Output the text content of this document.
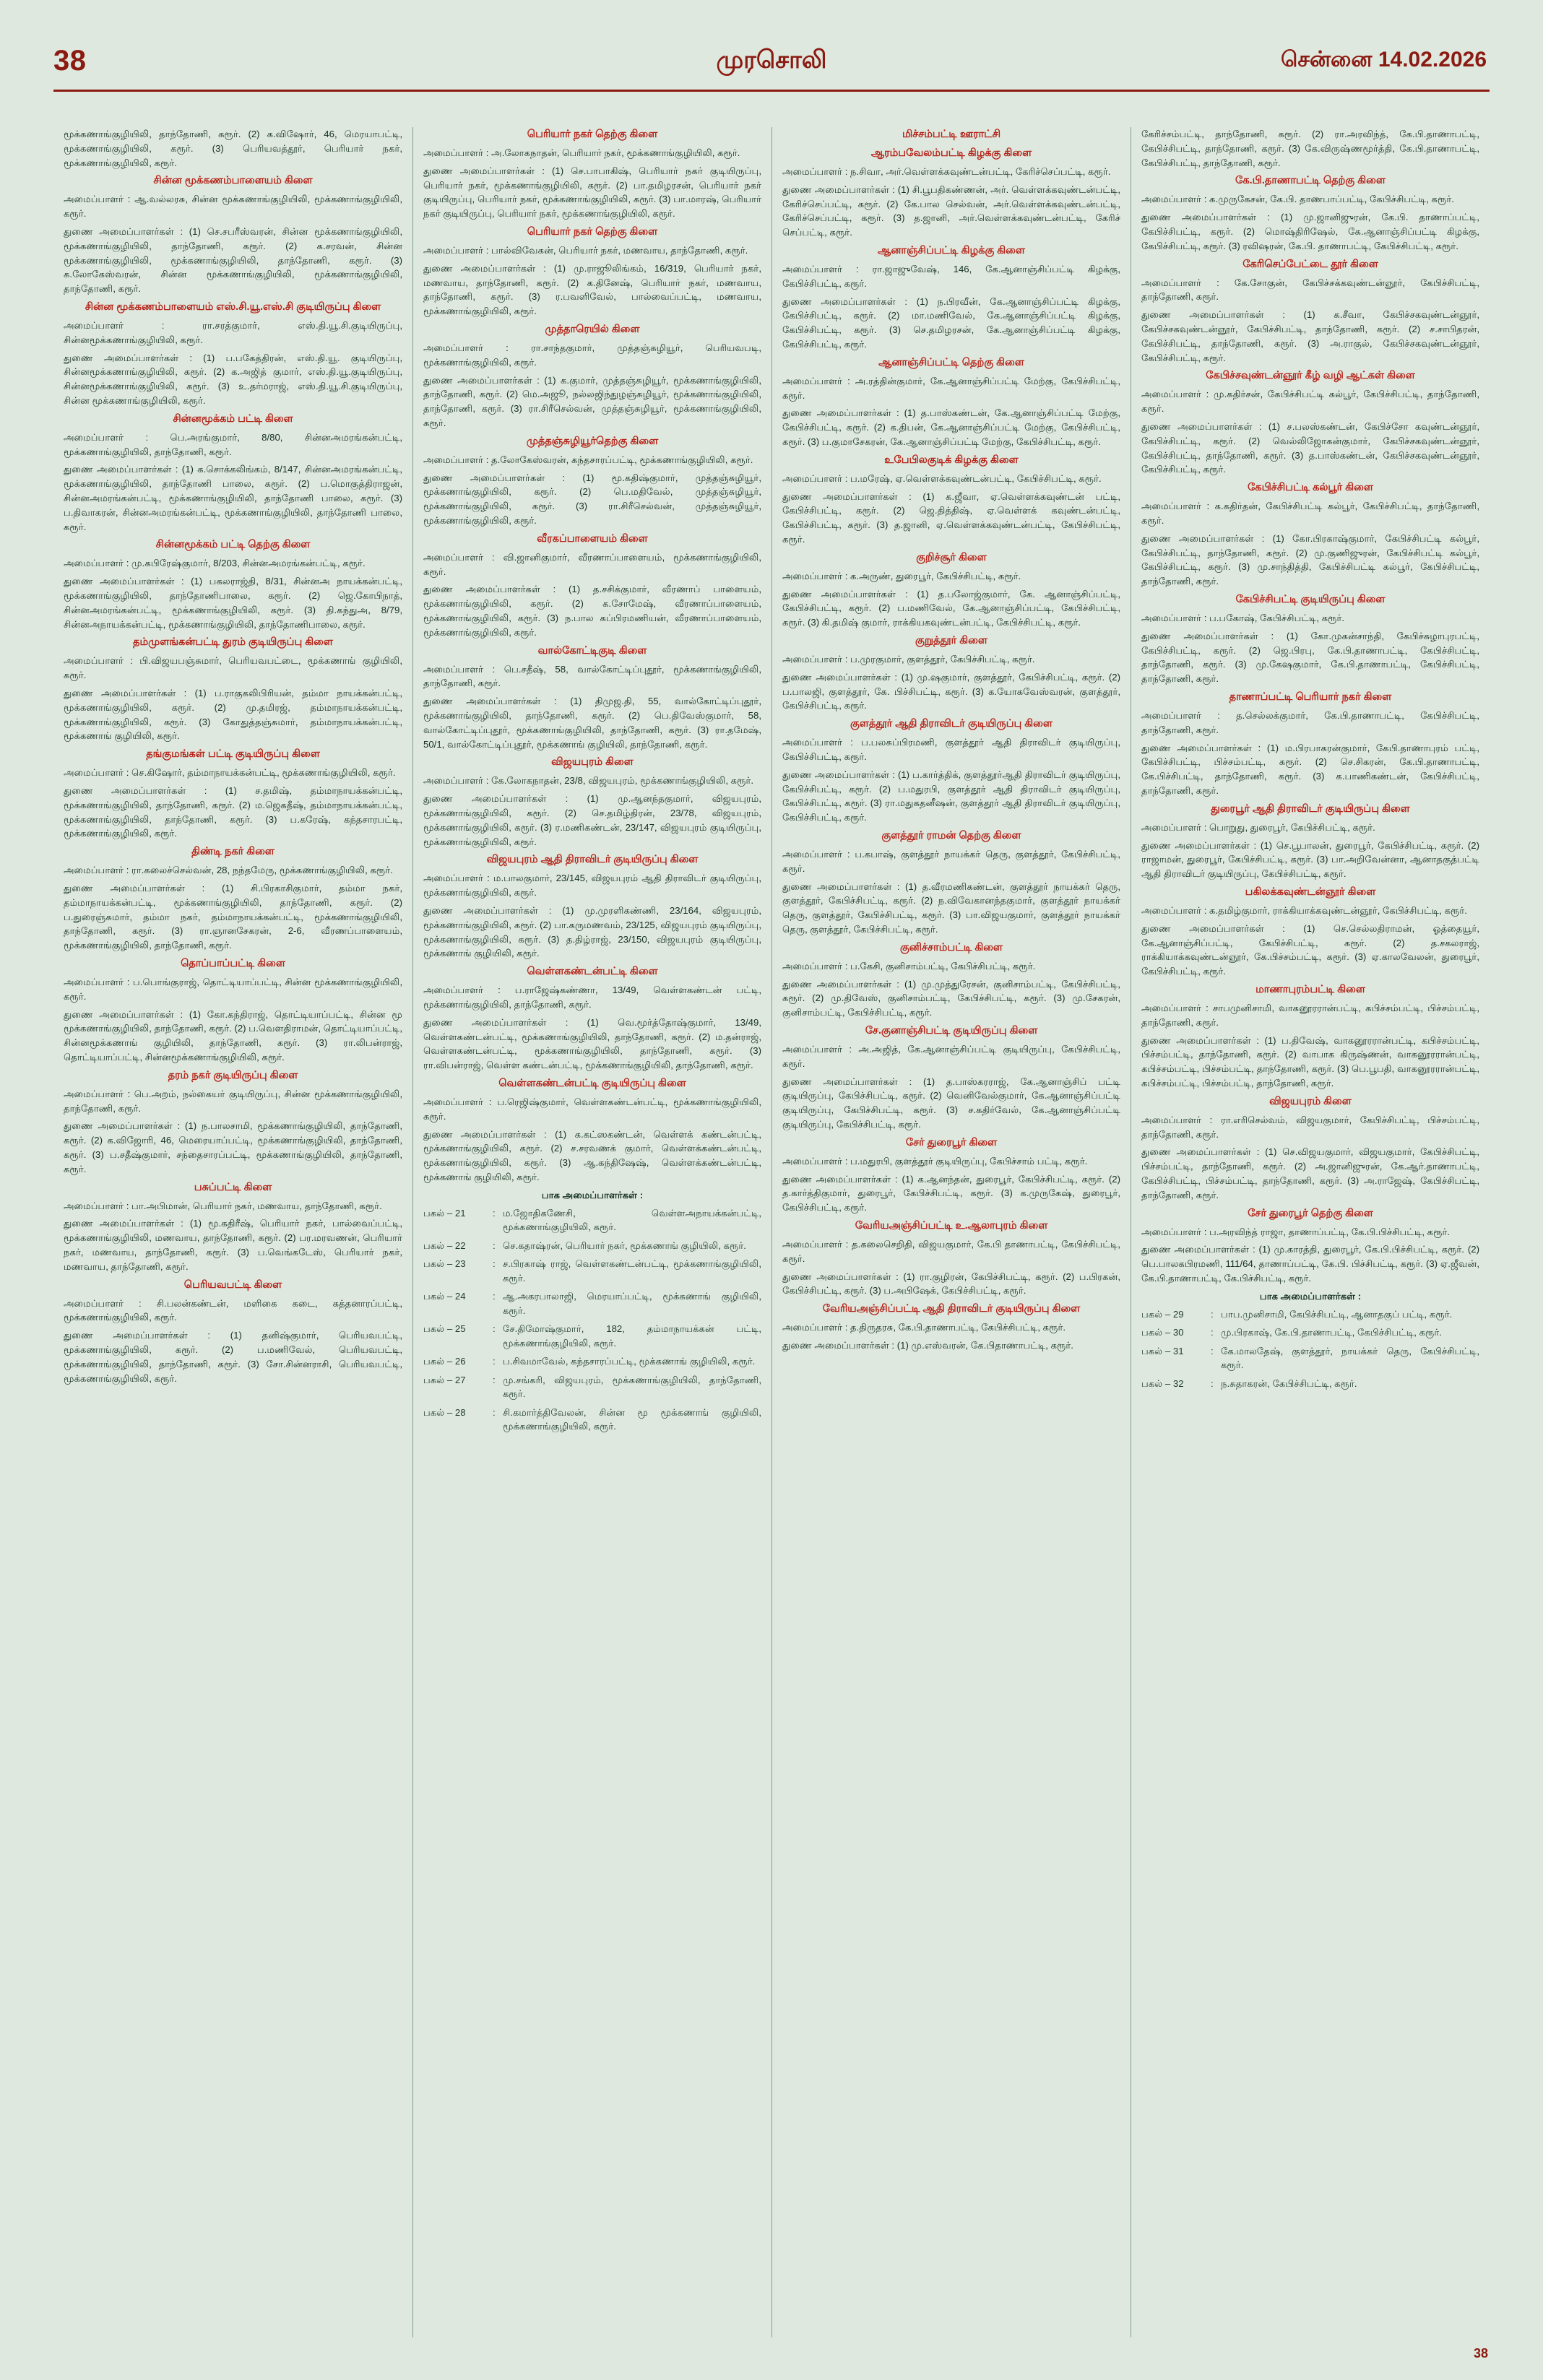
38	முரசொலி	சென்னை 14.02.2026
மூக்கணாங்குழியிலி, தாந்தோணி, கரூர். (2) க.விஷோர், 46, மெரயாபட்டி, மூக்கணாங்குழியிலி, கரூர். (3) பெரியவத்தூர், பெரியார் நகர், மூக்கணாங்குழியிலி, கரூர்.
சின்ன மூக்கணம்பாளையம் கிளை
அமைப்பாளர் : ஆ.வல்லரசு, சின்ன மூக்கணாங்குழியிலி, மூக்கணாங்குழியிலி, கரூர்.
துணை அமைப்பாளர்கள் : (1) செ.சபரீஸ்வரன், சின்ன மூக்கணாங்குழியிலி, மூக்கணாங்குழியிலி, தாந்தோணி, கரூர். (2) க.சரவன், சின்ன மூக்கணாங்குழியிலி, மூக்கணாங்குழியிலி, தாந்தோணி, கரூர். (3) க.லோகேஸ்வரன், சின்ன மூக்கணாங்குழியிலி, மூக்கணாங்குழியிலி, தாந்தோணி, கரூர்.
சின்ன மூக்கணம்பாளையம் எஸ்.சி.யூ.எஸ்.சி குடியிருப்பு கிளை
அமைப்பாளர் : ரா.சரத்குமார், எஸ்.தி.யூ.சி.குடியிருப்பு, சின்னமூக்கணாங்குழியிலி, கரூர்.
துணை அமைப்பாளர்கள் : (1) ப.பகேத்திரன், எஸ்.தி.யூ. குடியிருப்பு, சின்னமூக்கணாங்குழியிலி, கரூர். (2) க.அஜித் குமார், எஸ்.தி.யூ.குடியிருப்பு, சின்னமூக்கணாங்குழியிலி, கரூர். (3) உ.தர்மராஜ், எஸ்.தி.யூ.சி.குடியிருப்பு, சின்ன மூக்கணாங்குழியிலி, கரூர்.
சின்னமூக்கம் பட்டி கிளை
அமைப்பாளர் : பெ.அரங்குமார், 8/80, சின்னஅமரங்கன்பட்டி, மூக்கணாங்குழியிலி, தாந்தோணி, கரூர்.
துணை அமைப்பாளர்கள் : (1) க.சொக்கலிங்கம், 8/147, சின்னஅமரங்கன்பட்டி, மூக்கணாங்குழியிலி, தாந்தோணி பாலை, கரூர். (2) ப.மொகுத்திராஜன், சின்னஅமரங்கன்பட்டி, மூக்கணாங்குழியிலி, தாந்தோணி பாலை, கரூர். (3) ப.திவாகரன், சின்னஅமரங்கன்பட்டி, மூக்கணாங்குழியிலி, தாந்தோணி பாலை, கரூர்.
சின்னமூக்கம் பட்டி தெற்கு கிளை
அமைப்பாளர் : மு.கபிரேஷ்குமார், 8/203, சின்னஅமரங்கன்பட்டி, கரூர்.
துணை அமைப்பாளர்கள் : (1) பகலராஜ்தி, 8/31, சின்னஅ நாயக்கன்பட்டி, மூக்கணாங்குழியிலி, தாந்தோணிபாலை, கரூர். (2) ஜெ.கோபிநாத், சின்னஅமரங்கன்பட்டி, மூக்கணாங்குழியிலி, கரூர். (3) தி.கந்துஅ, 8/79, சின்னஅநாயக்கன்பட்டி, மூக்கணாங்குழியிலி, தாந்தோணிபாலை, கரூர்.
தம்முளங்கன்பட்டி துரம் குடியிருப்பு கிளை
அமைப்பாளர் : பி.விஜயபஞ்சுமார், பெரியவபட்டை, மூக்கணாங் குழியிலி, கரூர்.
துணை அமைப்பாளர்கள் : (1) ப.ராகுகலிபிரியன், தம்மா நாயக்கன்பட்டி, மூக்கணாங்குழியிலி, கரூர். (2) மு.தமிரஜ், தம்மாநாயக்கன்பட்டி, மூக்கணாங்குழியிலி, கரூர். (3) கோதுத்தஞ்சுமார், தம்மாநாயக்கன்பட்டி, மூக்கணாங் குழியிலி, கரூர்.
தங்குமங்கள் பட்டி குடியிருப்பு கிளை
அமைப்பாளர் : செ.கிஷோர், தம்மாநாயக்கன்பட்டி, மூக்கணாங்குழியிலி, கரூர்.
துணை அமைப்பாளர்கள் : (1) ச.தமிஷ், தம்மாநாயக்கன்பட்டி, மூக்கணாங்குழியிலி, தாந்தோணி, கரூர். (2) ம.ஜெகதீஷ், தம்மாநாயக்கன்பட்டி, மூக்கணாங்குழியிலி, தாந்தோணி, கரூர். (3) ப.கரேஷ், கந்தசாரபட்டி, மூக்கணாங்குழியிலி, கரூர்.
திண்டி நகர் கிளை
அமைப்பாளர் : ரா.கலைச்செல்வன், 28, நந்தமேரு, மூக்கணாங்குழியிலி, கரூர்.
துணை அமைப்பாளர்கள் : (1) சி.பிரகாசிகுமார், தம்மா நகர், தம்மாநாயக்கன்பட்டி, மூக்கணாங்குழியிலி, தாந்தோணி, கரூர். (2) ப.துரைஞ்சுமார், தம்மா நகர், தம்மாநாயக்கன்பட்டி, மூக்கணாங்குழியிலி, தாந்தோணி, கரூர். (3) ரா.ஞானசேகரன், 2-6, வீரணப்பாளையம், மூக்கணாங்குழியிலி, தாந்தோணி, கரூர்.
தொப்பாப்பட்டி கிளை
அமைப்பாளர் : ப.பொங்குராஜ், தொட்டியாப்பட்டி, சின்ன மூக்கணாங்குழியிலி, கரூர்.
துணை அமைப்பாளர்கள் : (1) கோ.கந்திராஜ், தொட்டியாப்பட்டி, சின்ன மூ மூக்கணாங்குழியிலி, தாந்தோணி, கரூர். (2) ப.வெளதிராமன், தொட்டியாப்பட்டி, சின்னமூக்கணாங் குழியிலி, தாந்தோணி, கரூர். (3) ரா.லிபன்ராஜ், தொட்டியாப்பட்டி, சின்னமூக்கணாங்குழியிலி, கரூர்.
தரம் நகர் குடியிருப்பு கிளை
அமைப்பாளர் : பெ.அறம், நல்கையர் குடியிருப்பு, சின்ன மூக்கணாங்குழியிலி, தாந்தோணி, கரூர்.
துணை அமைப்பாளர்கள் : (1) ந.பாலசாமி, மூக்கணாங்குழியிலி, தாந்தோணி, கரூர். (2) க.விஜோரி, 46, மெரையாப்பட்டி, மூக்கணாங்குழியிலி, தாந்தோணி, கரூர். (3) ப.சதீஷ்குமார், சந்தைசாரப்பட்டி, மூக்கணாங்குழியிலி, தாந்தோணி, கரூர்.
பசுப்பட்டி கிளை
அமைப்பாளர் : பா.அபிமான், பெரியார் நகர், மணவாய, தாந்தோணி, கரூர்.
துணை அமைப்பாளர்கள் : (1) மூ.கதிரீஷ், பெரியார் நகர், பால்வைப்பட்டி, மூக்கணாங்குழியிலி, மணவாய, தாந்தோணி, கரூர். (2) பர.மரவணன், பெரியார் நகர், மணவாய, தாந்தோணி, கரூர். (3) ப.வெங்கடேஸ், பெரியார் நகர், மணவாய, தாந்தோணி, கரூர்.
பெரியவபட்டி கிளை
அமைப்பாளர் : சி.பலன்கண்டன், மளிகை கடை, கத்தனாரப்பட்டி, மூக்கணாங்குழியிலி, கரூர்.
துணை அமைப்பாளர்கள் : (1) தனிஷ்குமார், பெரியவபட்டி, மூக்கணாங்குழியிலி, கரூர். (2) ப.மணிவேல், பெரியவபட்டி, மூக்கணாங்குழியிலி, தாந்தோணி, கரூர். (3) சோ.சின்னராசி, பெரியவபட்டி, மூக்கணாங்குழியிலி, கரூர்.
பெரியார் நகர் தெற்கு கிளை
அமைப்பாளர் : அ.லோகநாதன், பெரியார் நகர், மூக்கணாங்குழியிலி, கரூர்.
துணை அமைப்பாளர்கள் : (1) செ.பாபாகிஷ், பெரியார் நகர் குடியிருப்பு, பெரியார் நகர், மூக்கணாங்குழியிலி, கரூர். (2) பா.தமிழரசன், பெரியார் நகர் குடியிருப்பு, பெரியார் நகர், மூக்கணாங்குழியிலி, கரூர். (3) பா.மாரஷ், பெரியார் நகர் குடியிருப்பு, பெரியார் நகர், மூக்கணாங்குழியிலி, கரூர்.
பெரியார் நகர் தெற்கு கிளை
அமைப்பாளர் : பால்விவேகன், பெரியார் நகர், மணவாய, தாந்தோணி, கரூர்.
துணை அமைப்பாளர்கள் : (1) மு.ராஜூலிங்கம், 16/319, பெரியார் நகர், மணவாய, தாந்தோணி, கரூர். (2) க.தினேஷ், பெரியார் நகர், மணவாய, தாந்தோணி, கரூர். (3) ர.பவளிவேல், பால்வைப்பட்டி, மணவாய, மூக்கணாங்குழியிலி, கரூர்.
முத்தாரெயில் கிளை
அமைப்பாளர் : ரா.சாந்தகுமார், முத்தஞ்சுழியூர், பெரியவபடி, மூக்கணாங்குழியிலி, கரூர்.
துணை அமைப்பாளர்கள் : (1) க.குமார், முத்தஞ்சுழியூர், மூக்கணாங்குழியிலி, தாந்தோணி, கரூர். (2) மெ.அஜூ, நல்லஜிந்துழஞ்சுழியூர், மூக்கணாங்குழியிலி, தாந்தோணி, கரூர். (3) ரா.சிரீசெல்வன், முத்தஞ்சுழியூர், மூக்கணாங்குழியிலி, கரூர்.
முத்தஞ்சுழியூர்தெற்கு கிளை
அமைப்பாளர் : த.லோகேஸ்வரன், கந்தசாரப்பட்டி, மூக்கணாங்குழியிலி, கரூர்.
துணை அமைப்பாளர்கள் : (1) மூ.கதிஷ்குமார், முத்தஞ்சுழியூர், மூக்கணாங்குழியிலி, கரூர். (2) பெ.மதிவேல், முத்தஞ்சுழியூர், மூக்கணாங்குழியிலி, கரூர். (3) ரா.சிரீசெல்வன், முத்தஞ்சுழியூர், மூக்கணாங்குழியிலி, கரூர்.
வீரகப்பாளையம் கிளை
அமைப்பாளர் : வி.ஜானிகுமார், வீரணாப்பாளையம், மூக்கணாங்குழியிலி, கரூர்.
துணை அமைப்பாளர்கள் : (1) த.சசிக்குமார், வீரணாப் பாளையம், மூக்கணாங்குழியிலி, கரூர். (2) க.சோமேஷ், வீரணாப்பாளையம், மூக்கணாங்குழியிலி, கரூர். (3) ந.பால கப்பிரமணியன், வீரணாப்பாளையம், மூக்கணாங்குழியிலி, கரூர்.
வால்கோட்டிகுடி கிளை
அமைப்பாளர் : பெ.சதீஷ், 58, வால்கோட்டிப்புதூர், மூக்கணாங்குழியிலி, தாந்தோணி, கரூர்.
துணை அமைப்பாளர்கள் : (1) திமுஜ.தி, 55, வால்கோட்டிப்புதூர், மூக்கணாங்குழியிலி, தாந்தோணி, கரூர். (2) பெ.திவேஸ்குமார், 58, வால்கோட்டிப்புதூர், மூக்கணாங்குழியிலி, தாந்தோணி, கரூர். (3) ரா.தமேஷ், 50/1, வால்கோட்டிப்புதூர், மூக்கணாங் குழியிலி, தாந்தோணி, கரூர்.
விஜயபுரம் கிளை
அமைப்பாளர் : கே.லோகநாதன், 23/8, விஜயபுரம், மூக்கணாங்குழியிலி, கரூர்.
துணை அமைப்பாளர்கள் : (1) மு.ஆனந்தகுமார், விஜயபுரம், மூக்கணாங்குழியிலி, கரூர். (2) செ.தமிழ்திரன், 23/78, விஜயபுரம், மூக்கணாங்குழியிலி, கரூர். (3) ர.மணிகண்டன், 23/147, விஜயபுரம் குடியிருப்பு, மூக்கணாங்குழியிலி, கரூர்.
விஜயபுரம் ஆதி திராவிடர் குடியிருப்பு கிளை
அமைப்பாளர் : ம.பாலகுமார், 23/145, விஜயபுரம் ஆதி திராவிடர் குடியிருப்பு, மூக்கணாங்குழியிலி, கரூர்.
துணை அமைப்பாளர்கள் : (1) மு.முரளிகண்ணி, 23/164, விஜயபுரம், மூக்கணாங்குழியிலி, கரூர். (2) பா.கருமணவம், 23/125, விஜயபுரம் குடியிருப்பு, மூக்கணாங்குழியிலி, கரூர். (3) த.திழ்ராஜ், 23/150, விஜயபுரம் குடியிருப்பு, மூக்கணாங் குழியிலி, கரூர்.
வெள்ளகண்டன்பட்டி கிளை
அமைப்பாளர் : ப.ராஜேஷ்கண்ணா, 13/49, வெள்ளகண்டன் பட்டி, மூக்கணாங்குழியிலி, தாந்தோணி, கரூர்.
துணை அமைப்பாளர்கள் : (1) வெ.மூர்த்தோஷ்குமார், 13/49, வெள்ளகண்டன்பட்டி, மூக்கணாங்குழியிலி, தாந்தோணி, கரூர். (2) ம.தன்ராஜ், வெள்ளகண்டன்பட்டி, மூக்கணாங்குழியிலி, தாந்தோணி, கரூர். (3) ரா.விபன்ராஜ், வெள்ள கண்டன்பட்டி, மூக்கணாங்குழியிலி, தாந்தோணி, கரூர்.
வெள்ளகண்டன்பட்டி குடியிருப்பு கிளை
அமைப்பாளர் : ப.ரெஜிஷ்குமார், வெள்ளகண்டன்பட்டி, மூக்கணாங்குழியிலி, கரூர்.
துணை அமைப்பாளர்கள் : (1) க.கட்ஸகண்டன், வெள்ளக் கண்டன்பட்டி, மூக்கணாங்குழியிலி, கரூர். (2) ச.சரவணக் குமார், வெள்ளக்கண்டன்பட்டி, மூக்கணாங்குழியிலி, கரூர். (3) ஆ.கந்திஷேஷ், வெள்ளக்கண்டன்பட்டி, மூக்கணாங் குழியிலி, கரூர்.
பாக அமைப்பாளர்கள் :
பகல் – 21	: ம.ஜோதிகணேசி, வெள்ளஅநாயக்கன்பட்டி, மூக்கணாங்குழியிலி, கரூர்.
பகல் – 22	: செ.கதாஷ்ரன், பெரியார் நகர், மூக்கணாங் குழியிலி, கரூர்.
பகல் – 23	: ச.பிரகாஷ் ராஜ், வெள்ளகண்டன்பட்டி, மூக்கணாங்குழியிலி, கரூர்.
பகல் – 24	: ஆ.அகரபாலாஜி, மெரயாப்பட்டி, மூக்கணாங் குழியிலி, கரூர்.
பகல் – 25	: சே.திமோஷ்குமார், 182, தம்மாநாயக்கன் பட்டி, மூக்கணாங்குழியிலி, கரூர்.
பகல் – 26	: ப.சிவமாவேல், கந்தசாரப்பட்டி, மூக்கணாங் குழியிலி, கரூர்.
பகல் – 27	: மு.சங்கரி, விஜயபுரம், மூக்கணாங்குழியிலி, தாந்தோணி, கரூர்.
பகல் – 28	: சி.கமார்த்திவேலன், சின்ன மூ மூக்கணாங் குழியிலி, மூக்கணாங்குழியிலி, கரூர்.
மிச்சம்பட்டி ஊராட்சி
ஆரம்பவேலம்பட்டி கிழக்கு கிளை
அமைப்பாளர் : ந.சிவா, அர்.வெள்ளக்கவுண்டன்பட்டி, கேரிச்செப்பட்டி, கரூர்.
துணை அமைப்பாளர்கள் : (1) சி.பூபதிகண்ணன், அர். வெள்ளக்கவுண்டன்பட்டி, கேரிச்செப்பட்டி, கரூர். (2) கே.பால செல்வன், அர்.வெள்ளக்கவுண்டன்பட்டி, கேரிச்செப்பட்டி, கரூர். (3) த.ஜானி, அர்.வெள்ளக்கவுண்டன்பட்டி, கேரிச் செப்பட்டி, கரூர்.
ஆனாஞ்சிப்பட்டி கிழக்கு கிளை
அமைப்பாளர் : ரா.ஜாஜுவேஷ், 146, கே.ஆனாஞ்சிப்பட்டி கிழக்கு, கேபிச்சிபட்டி, கரூர்.
துணை அமைப்பாளர்கள் : (1) ந.பிரவீன், கே.ஆனாஞ்சிப்பட்டி கிழக்கு, கேபிச்சிபட்டி, கரூர். (2) மா.மணிவேல், கே.ஆனாஞ்சிப்பட்டி கிழக்கு, கேபிச்சிபட்டி, கரூர். (3) செ.தமிழரசன், கே.ஆனாஞ்சிப்பட்டி கிழக்கு, கேபிச்சிபட்டி, கரூர்.
ஆனாஞ்சிப்பட்டி தெற்கு கிளை
அமைப்பாளர் : அ.ரத்தின்குமார், கே.ஆனாஞ்சிப்பட்டி மேற்கு, கேபிச்சிபட்டி, கரூர்.
துணை அமைப்பாளர்கள் : (1) த.பாஸ்கண்டன், கே.ஆனாஞ்சிப்பட்டி மேற்கு, கேபிச்சிபட்டி, கரூர். (2) க.திபன், கே.ஆனாஞ்சிப்பட்டி மேற்கு, கேபிச்சிபட்டி, கரூர். (3) ப.குமாசேகரன், கே.ஆனாஞ்சிப்பட்டி மேற்கு, கேபிச்சிபட்டி, கரூர்.
உபேபிலகுடிக் கிழக்கு கிளை
அமைப்பாளர் : ப.மரேஷ், ஏ.வெள்ளக்கவுண்டன்பட்டி, கேபிச்சிபட்டி, கரூர்.
துணை அமைப்பாளர்கள் : (1) க.ஜீவா, ஏ.வெள்ளக்கவுண்டன் பட்டி, கேபிச்சிபட்டி, கரூர். (2) ஜெ.தித்திஷ், ஏ.வெள்ளக் கவுண்டன்பட்டி, கேபிச்சிபட்டி, கரூர். (3) த.ஜானி, ஏ.வெள்ளக்கவுண்டன்பட்டி, கேபிச்சிபட்டி, கரூர்.
குறிச்சூர் கிளை
அமைப்பாளர் : க.அருண், துரைபூர், கேபிச்சிபட்டி, கரூர்.
துணை அமைப்பாளர்கள் : (1) த.பலோஜ்குமார், கே. ஆனாஞ்சிப்பட்டி, கேபிச்சிபட்டி, கரூர். (2) ப.மணிவேல், கே.ஆனாஞ்சிப்பட்டி, கேபிச்சிபட்டி, கரூர். (3) கி.தமிஷ் குமார், ராக்கியகவுண்டன்பட்டி, கேபிச்சிபட்டி, கரூர்.
குறுத்தூர் கிளை
அமைப்பாளர் : ப.முரகுமார், குளத்தூர், கேபிச்சிபட்டி, கரூர்.
துணை அமைப்பாளர்கள் : (1) மு.ஷகுமார், குளத்தூர், கேபிச்சிபட்டி, கரூர். (2) ப.பாலஜி, குளத்தூர், கே. பிச்சிபட்டி, கரூர். (3) க.யோகவேஸ்வரன், குளத்தூர், கேபிச்சிபட்டி, கரூர்.
குளத்தூர் ஆதி திராவிடர் குடியிருப்பு கிளை
அமைப்பாளர் : ப.பலசுப்பிரமணி, குளத்தூர் ஆதி திராவிடர் குடியிருப்பு, கேபிச்சிபட்டி, கரூர்.
துணை அமைப்பாளர்கள் : (1) ப.கார்த்திக், குளத்தூர்ஆதி திராவிடர் குடியிருப்பு, கேபிச்சிபட்டி, கரூர். (2) ப.மதுரபி, குளத்தூர் ஆதி திராவிடர் குடியிருப்பு, கேபிச்சிபட்டி, கரூர். (3) ரா.மதுகதனீஷன், குளத்தூர் ஆதி திராவிடர் குடியிருப்பு, கேபிச்சிபட்டி, கரூர்.
குளத்தூர் ராமன் தெற்கு கிளை
அமைப்பாளர் : ப.கபாஷ், குளத்தூர் நாயக்கர் தெரு, குளத்தூர், கேபிச்சிபட்டி, கரூர்.
துணை அமைப்பாளர்கள் : (1) த.வீரமணிகண்டன், குளத்தூர் நாயக்கர் தெரு, குளத்தூர், கேபிச்சிபட்டி, கரூர். (2) ந.விவேகானந்தகுமார், குளத்தூர் நாயக்கர் தெரு, குளத்தூர், கேபிச்சிபட்டி, கரூர். (3) பா.விஜயகுமார், குளத்தூர் நாயக்கர் தெரு, குளத்தூர், கேபிச்சிபட்டி, கரூர்.
குனிச்சாம்பட்டி கிளை
அமைப்பாளர் : ப.கேசி, குனிசாம்பட்டி, கேபிச்சிபட்டி, கரூர்.
துணை அமைப்பாளர்கள் : (1) மு.முத்துரேசன், குனிசாம்பட்டி, கேபிச்சிபட்டி, கரூர். (2) மு.திவேஸ், குனிசாம்பட்டி, கேபிச்சிபட்டி, கரூர். (3) மு.சேகரன், குனிசாம்பட்டி, கேபிச்சிபட்டி, கரூர்.
சே.குனாஞ்சிபட்டி குடியிருப்பு கிளை
அமைப்பாளர் : அ.அஜித், கே.ஆனாஞ்சிப்பட்டி குடியிருப்பு, கேபிச்சிபட்டி, கரூர்.
துணை அமைப்பாளர்கள் : (1) த.பாஸ்கரராஜ், கே.ஆனாஞ்சிப் பட்டி குடியிருப்பு, கேபிச்சிபட்டி, கரூர். (2) வெனிவேல்குமார், கே.ஆனாஞ்சிப்பட்டி குடியிருப்பு, கேபிச்சிபட்டி, கரூர். (3) ச.கதிர்வேல், கே.ஆனாஞ்சிப்பட்டி குடியிருப்பு, கேபிச்சிபட்டி, கரூர்.
சேர் துரைபூர் கிளை
அமைப்பாளர் : ப.மதுரபி, குளத்தூர் குடியிருப்பு, கேபிச்சாம் பட்டி, கரூர்.
துணை அமைப்பாளர்கள் : (1) க.ஆனந்தன், துரைபூர், கேபிச்சிபட்டி, கரூர். (2) த.கார்த்திகுமார், துரைபூர், கேபிச்சிபட்டி, கரூர். (3) க.முருகேஷ், துரைபூர், கேபிச்சிபட்டி, கரூர்.
வேரியஅஞ்சிப்பட்டி உ.ஆலாபுரம் கிளை
அமைப்பாளர் : த.கலைசெறிதி, விஜயகுமார், கே.பி தாணாபட்டி, கேபிச்சிபட்டி, கரூர்.
துணை அமைப்பாளர்கள் : (1) ரா.குழிரன், கேபிச்சிபட்டி, கரூர். (2) ப.பிரகன், கேபிச்சிபட்டி, கரூர். (3) ப.அபிஷேக், கேபிச்சிபட்டி, கரூர்.
வேரியஅஞ்சிப்பட்டி ஆதி திராவிடர் குடியிருப்பு கிளை
அமைப்பாளர் : த.திருதரசு, கே.பி.தாணாபட்டி, கேபிச்சிபட்டி, கரூர்.
துணை அமைப்பாளர்கள் : (1) மு.எஸ்வரன், கே.பிதாணாபட்டி, கரூர்.
கேரிச்சம்பட்டி, தாந்தோணி, கரூர். (2) ரா.அரவிந்த், கே.பி.தாணாபட்டி, கேபிச்சிபட்டி, தாந்தோணி, கரூர். (3) கே.விருஷ்ணமூர்த்தி, கே.பி.தாணாபட்டி, கேபிச்சிபட்டி, தாந்தோணி, கரூர்.
கே.பி.தாணாபட்டி தெற்கு கிளை
அமைப்பாளர் : க.முருகேசன், கே.பி. தாணபாப்பட்டி, கேபிச்சிபட்டி, கரூர்.
துணை அமைப்பாளர்கள் : (1) மு.ஜானிஜுரன், கே.பி. தாணாப்பட்டி, கேபிச்சிபட்டி, கரூர். (2) மொஷ்திரிஷேல், கே.ஆனாஞ்சிப்பட்டி கிழக்கு, கேபிச்சிபட்டி, கரூர். (3) ரவிஷரன், கே.பி. தாணாபட்டி, கேபிச்சிபட்டி, கரூர்.
கேரிசெப்பேட்டை தூர் கிளை
அமைப்பாளர் : கே.சோகுன், கேபிச்சக்கவுண்டன்ஞூர், கேபிச்சிபட்டி, தாந்தோணி, கரூர்.
துணை அமைப்பாளர்கள் : (1) க.சீவா, கேபிச்சகவுண்டன்ஞூர், கேபிச்சகவுண்டன்ஞூர், கேபிச்சிபட்டி, தாந்தோணி, கரூர். (2) ச.சாபிதரன், கேபிச்சிபட்டி, தாந்தோணி, கரூர். (3) அ.ராகுல், கேபிச்சகவுண்டன்ஞூர், கேபிச்சிபட்டி, கரூர்.
கேபிச்சவுண்டன்ஞூர் கீழ் வழி ஆட்கள் கிளை
அமைப்பாளர் : மு.கதிர்சன், கேபிச்சிபட்டி கல்பூர், கேபிச்சிபட்டி, தாந்தோணி, கரூர்.
துணை அமைப்பாளர்கள் : (1) ச.பலஸ்கண்டன், கேபிச்சோ கவுண்டன்ஞூர், கேபிச்சிபட்டி, கரூர். (2) வெல்லிஜோகன்குமார், கேபிச்சகவுண்டன்ஞூர், கேபிச்சிபட்டி, தாந்தோணி, கரூர். (3) த.பாஸ்கண்டன், கேபிச்சகவுண்டன்ஞூர், கேபிச்சிபட்டி, கரூர்.
கேபிச்சிபட்டி கல்பூர் கிளை
அமைப்பாளர் : க.கதிர்தன், கேபிச்சிபட்டி கல்பூர், கேபிச்சிபட்டி, தாந்தோணி, கரூர்.
துணை அமைப்பாளர்கள் : (1) கோ.பிரகாஷ்குமார், கேபிச்சிபட்டி கல்பூர், கேபிச்சிபட்டி, தாந்தோணி, கரூர். (2) மு.குணிஜுரன், கேபிச்சிபட்டி கல்பூர், கேபிச்சிபட்டி, கரூர். (3) மு.சாந்தித்தி, கேபிச்சிபட்டி கல்பூர், கேபிச்சிபட்டி, தாந்தோணி, கரூர்.
கேபிச்சிபட்டி குடியிருப்பு கிளை
அமைப்பாளர் : ப.பகோஷ், கேபிச்சிபட்டி, கரூர்.
துணை அமைப்பாளர்கள் : (1) கோ.முகன்சாந்தி, கேபிச்சுழாபுரபட்டி, கேபிச்சிபட்டி, கரூர். (2) ஜெ.பிரபு, கே.பி.தாணாபட்டி, கேபிச்சிபட்டி, தாந்தோணி, கரூர். (3) மு.கேஷகுமார், கே.பி.தாணாபட்டி, கேபிச்சிபட்டி, தாந்தோணி, கரூர்.
தாணாப்பட்டி பெரியார் நகர் கிளை
அமைப்பாளர் : த.செல்லக்குமார், கே.பி.தாணாபட்டி, கேபிச்சிபட்டி, தாந்தோணி, கரூர்.
துணை அமைப்பாளர்கள் : (1) ம.பிரபாகரன்குமார், கேபி.தாணாபுரம் பட்டி, கேபிச்சிபட்டி, பிச்சம்பட்டி, கரூர். (2) செ.சிகரன், கே.பி.தாணாபட்டி, கே.பிச்சிபட்டி, தாந்தோணி, கரூர். (3) க.பாணிகண்டன், கேபிச்சிபட்டி, தாந்தோணி, கரூர்.
துரைபூர் ஆதி திராவிடர் குடியிருப்பு கிளை
அமைப்பாளர் : பொறுது, துரைபூர், கேபிச்சிபட்டி, கரூர்.
துணை அமைப்பாளர்கள் : (1) செ.பூபாலன், துரைபூர், கேபிச்சிபட்டி, கரூர். (2) ராஜாமன், துரைபூர், கேபிச்சிபட்டி, கரூர். (3) பா.அறிவேன்னா, ஆனாதகுத்பட்டி ஆதி திராவிடர் குடியிருப்பு, கேபிச்சிபட்டி, கரூர்.
பகிலக்கவுண்டன்ஞூர் கிளை
அமைப்பாளர் : க.தமிழ்குமார், ராக்கியாக்கவுண்டன்ஞூர், கேபிச்சிபட்டி, கரூர்.
துணை அமைப்பாளர்கள் : (1) செ.செல்லதிராமன், ஓத்தையூர், கே.ஆனாஞ்சிப்பட்டி, கேபிச்சிபட்டி, கரூர். (2) த.சகலராஜ், ராக்கியாக்கவுண்டன்ஞூர், கே.பிச்சம்பட்டி, கரூர். (3) ஏ.காலவேலன், துரைபூர், கேபிச்சிபட்டி, கரூர்.
மாணாபுரம்பட்டி கிளை
அமைப்பாளர் : சாபமுனிசாமி, வாகனூரரான்பட்டி, கபிச்சம்பட்டி, பிச்சம்பட்டி, தாந்தோணி, கரூர்.
துணை அமைப்பாளர்கள் : (1) ப.திவேஷ், வாகனூரரான்பட்டி, கபிச்சம்பட்டி, பிச்சம்பட்டி, தாந்தோணி, கரூர். (2) வாபாக கிருஷ்ணன், வாகனூரரான்பட்டி, கபிச்சம்பட்டி, பிச்சம்பட்டி, தாந்தோணி, கரூர். (3) பெ.பூபதி, வாகனூரரான்பட்டி, கபிச்சம்பட்டி, பிச்சம்பட்டி, தாந்தோணி, கரூர்.
விஜயபுரம் கிளை
அமைப்பாளர் : ரா.எரிசெல்வம், விஜயகுமார், கேபிச்சிபட்டி, பிச்சம்பட்டி, தாந்தோணி, கரூர்.
துணை அமைப்பாளர்கள் : (1) செ.விஜயகுமார், விஜயகுமார், கேபிச்சிபட்டி, பிச்சம்பட்டி, தாந்தோணி, கரூர். (2) அ.ஜானிஜுரன், கே.ஆர்.தாணாபட்டி, கேபிச்சிபட்டி, பிச்சம்பட்டி, தாந்தோணி, கரூர். (3) அ.ராஜேஷ், கேபிச்சிபட்டி, தாந்தோணி, கரூர்.
சேர் துரைபூர் தெற்கு கிளை
அமைப்பாளர் : ப.அரவிந்த் ராஜா, தாணாப்பட்டி, கே.பி.பிச்சிபட்டி, கரூர்.
துணை அமைப்பாளர்கள் : (1) மு.காரத்தி, துரைபூர், கே.பி.பிச்சிபட்டி, கரூர். (2) பெ.பாலகபிரமணி, 111/64, தாணாப்பட்டி, கே.பி. பிச்சிபட்டி, கரூர். (3) ஏ.ஜீவன், கே.பி.தாணாபட்டி, கே.பிச்சிபட்டி, கரூர்.
பாக அமைப்பாளர்கள் :
பகல் – 29	: பாப.முனிசாமி, கேபிச்சிபட்டி, ஆனாதகுப் பட்டி, கரூர்.
பகல் – 30	: மு.பிரகாஷ், கே.பி.தாணாபட்டி, கேபிச்சிபட்டி, கரூர்.
பகல் – 31	: கே.மாலதேஷ், குளத்தூர், நாயக்கர் தெரு, கேபிச்சிபட்டி, கரூர்.
பகல் – 32	: ந.சுதாகரன், கேபிச்சிபட்டி, கரூர்.
38
